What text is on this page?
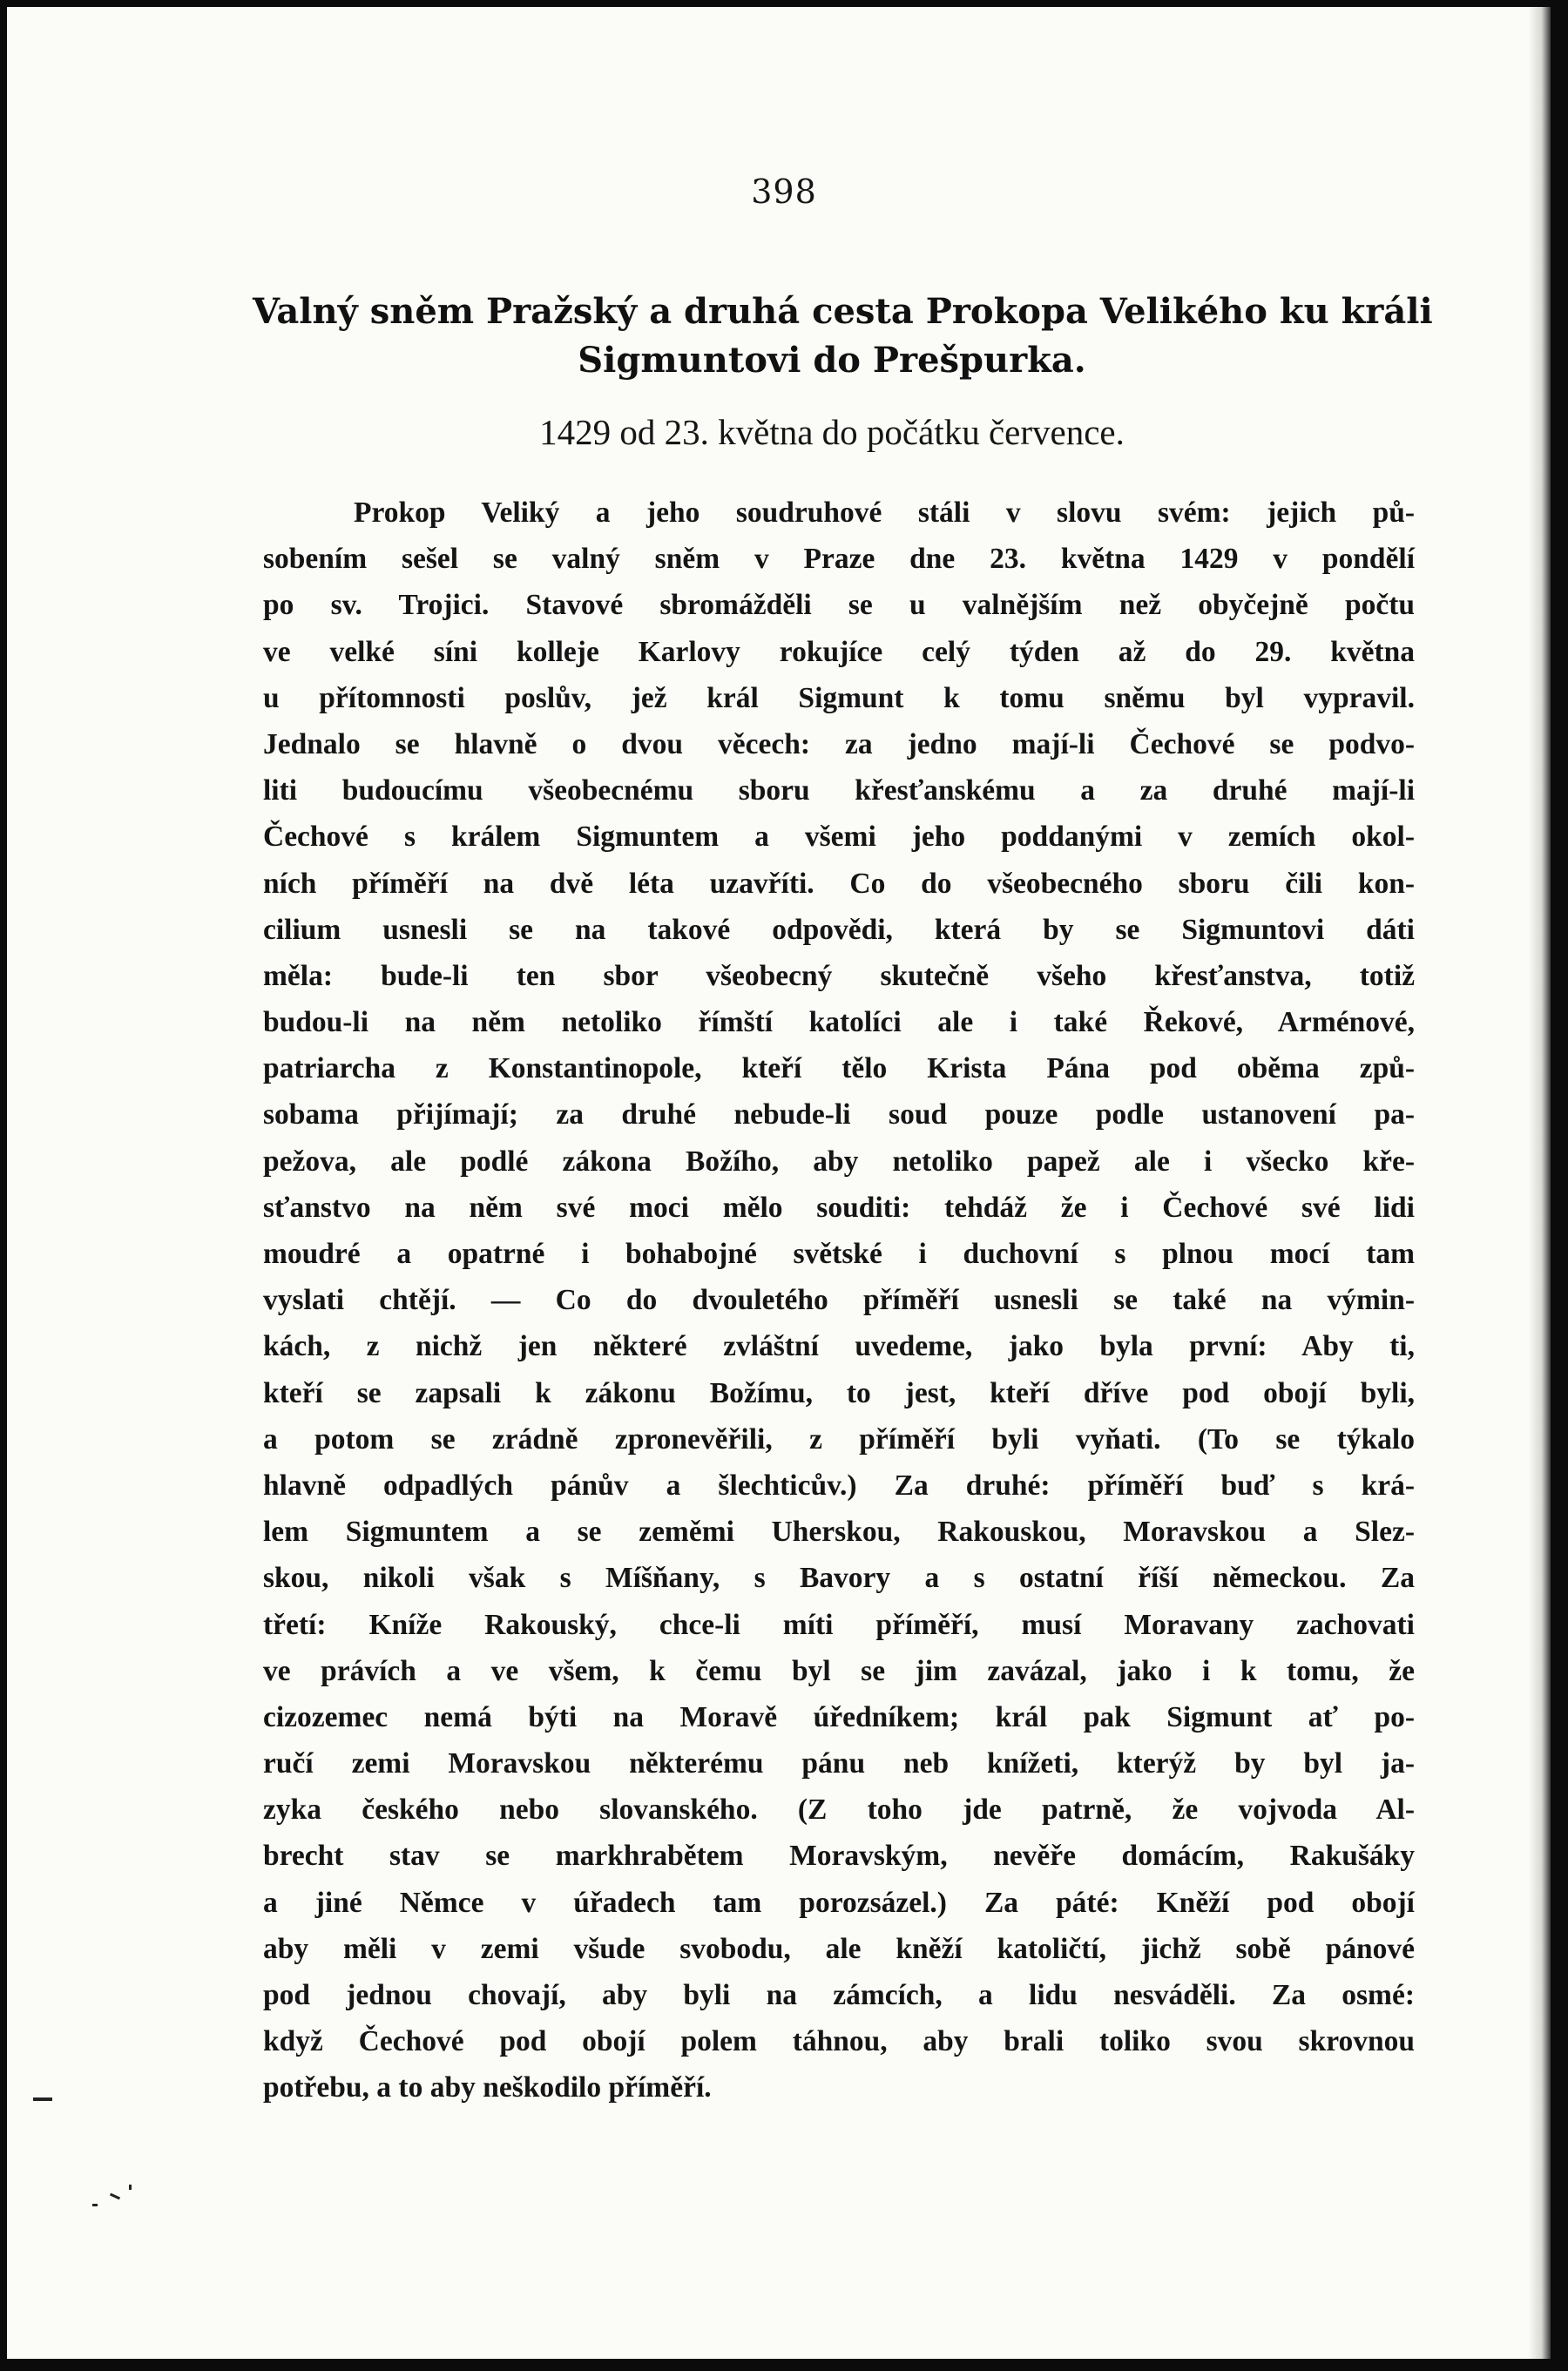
398
Valný sněm Pražský a druhá cesta Prokopa Velikého ku králi
Sigmuntovi do Prešpurka.
1429 od 23. května do počátku července.
Prokop Veliký a jeho soudruhové stáli v slovu svém: jejich pů-
sobením sešel se valný sněm v Praze dne 23. května 1429 v pondělí
po sv. Trojici. Stavové sbromážděli se u valnějším než obyčejně počtu
ve velké síni kolleje Karlovy rokujíce celý týden až do 29. května
u přítomnosti poslův, jež král Sigmunt k tomu sněmu byl vypravil.
Jednalo se hlavně o dvou věcech: za jedno mají-li Čechové se podvo-
liti budoucímu všeobecnému sboru křesťanskému a za druhé mají-li
Čechové s králem Sigmuntem a všemi jeho poddanými v zemích okol-
ních příměří na dvě léta uzavříti. Co do všeobecného sboru čili kon-
cilium usnesli se na takové odpovědi, která by se Sigmuntovi dáti
měla: bude-li ten sbor všeobecný skutečně všeho křesťanstva, totiž
budou-li na něm netoliko římští katolíci ale i také Řekové, Arménové,
patriarcha z Konstantinopole, kteří tělo Krista Pána pod oběma způ-
sobama přijímají; za druhé nebude-li soud pouze podle ustanovení pa-
pežova, ale podlé zákona Božího, aby netoliko papež ale i všecko kře-
sťanstvo na něm své moci mělo souditi: tehdáž že i Čechové své lidi
moudré a opatrné i bohabojné světské i duchovní s plnou mocí tam
vyslati chtějí. — Co do dvouletého příměří usnesli se také na výmin-
kách, z nichž jen některé zvláštní uvedeme, jako byla první: Aby ti,
kteří se zapsali k zákonu Božímu, to jest, kteří dříve pod obojí byli,
a potom se zrádně zpronevěřili, z příměří byli vyňati. (To se týkalo
hlavně odpadlých pánův a šlechticův.) Za druhé: příměří buď s krá-
lem Sigmuntem a se zeměmi Uherskou, Rakouskou, Moravskou a Slez-
skou, nikoli však s Míšňany, s Bavory a s ostatní říší německou. Za
třetí: Kníže Rakouský, chce-li míti příměří, musí Moravany zachovati
ve právích a ve všem, k čemu byl se jim zavázal, jako i k tomu, že
cizozemec nemá býti na Moravě úředníkem; král pak Sigmunt ať po-
ručí zemi Moravskou některému pánu neb knížeti, kterýž by byl ja-
zyka českého nebo slovanského. (Z toho jde patrně, že vojvoda Al-
brecht stav se markhrabětem Moravským, nevěře domácím, Rakušáky
a jiné Němce v úřadech tam porozsázel.) Za páté: Kněží pod obojí
aby měli v zemi všude svobodu, ale kněží katoličtí, jichž sobě pánové
pod jednou chovají, aby byli na zámcích, a lidu nesváděli. Za osmé:
když Čechové pod obojí polem táhnou, aby brali toliko svou skrovnou
potřebu, a to aby neškodilo příměří.
